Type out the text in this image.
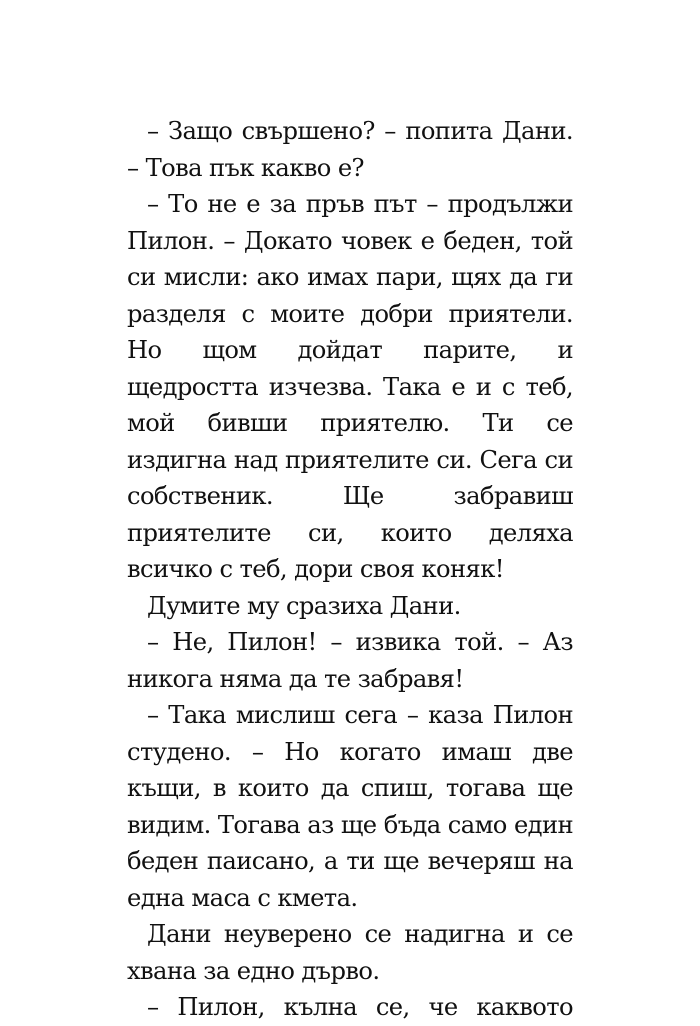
– Защо свършено? – попита Дани. – Това пък какво е?

– То не е за пръв път – продължи Пилон. – Докато човек е беден, той си мисли: ако имах пари, щях да ги разделя с моите добри приятели. Но щом дойдат парите, и щедростта изчезва. Така е и с теб, мой бивши приятелю. Ти се издигна над приятелите си. Сега си собственик. Ще забравиш приятелите си, които деляха всичко с теб, дори своя коняк!

Думите му сразиха Дани.

– Не, Пилон! – извика той. – Аз никога няма да те забравя!

– Така мислиш сега – каза Пилон студено. – Но когато имаш две къщи, в които да спиш, тогава ще видим. Тогава аз ще бъда само един беден паисано, а ти ще вечеряш на една маса с кмета.

Дани неуверено се надигна и се хвана за едно дърво.

– Пилон, кълна се, че каквото
